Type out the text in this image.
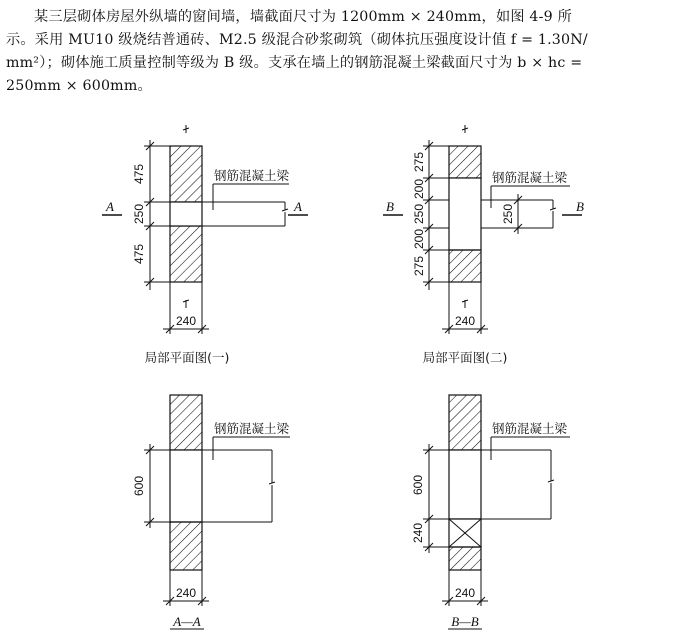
某三层砌体房屋外纵墙的窗间墙，墙截面尺寸为 1200mm × 240mm，如图 4-9 所
示。采用 MU10 级烧结普通砖、M2.5 级混合砂浆砌筑（砌体抗压强度设计值 f = 1.30N/
mm²）；砌体施工质量控制等级为 B 级。支承在墙上的钢筋混凝土梁截面尺寸为 b × hc =
250mm × 600mm。
钢筋混凝土梁
475
250
475
A	A
240
局部平面图(一)
250
钢筋混凝土梁
275
200
250
200
275
B	B
240
局部平面图(二)
钢筋混凝土梁
600
240
A—A
钢筋混凝土梁
600
240
240
B—B
